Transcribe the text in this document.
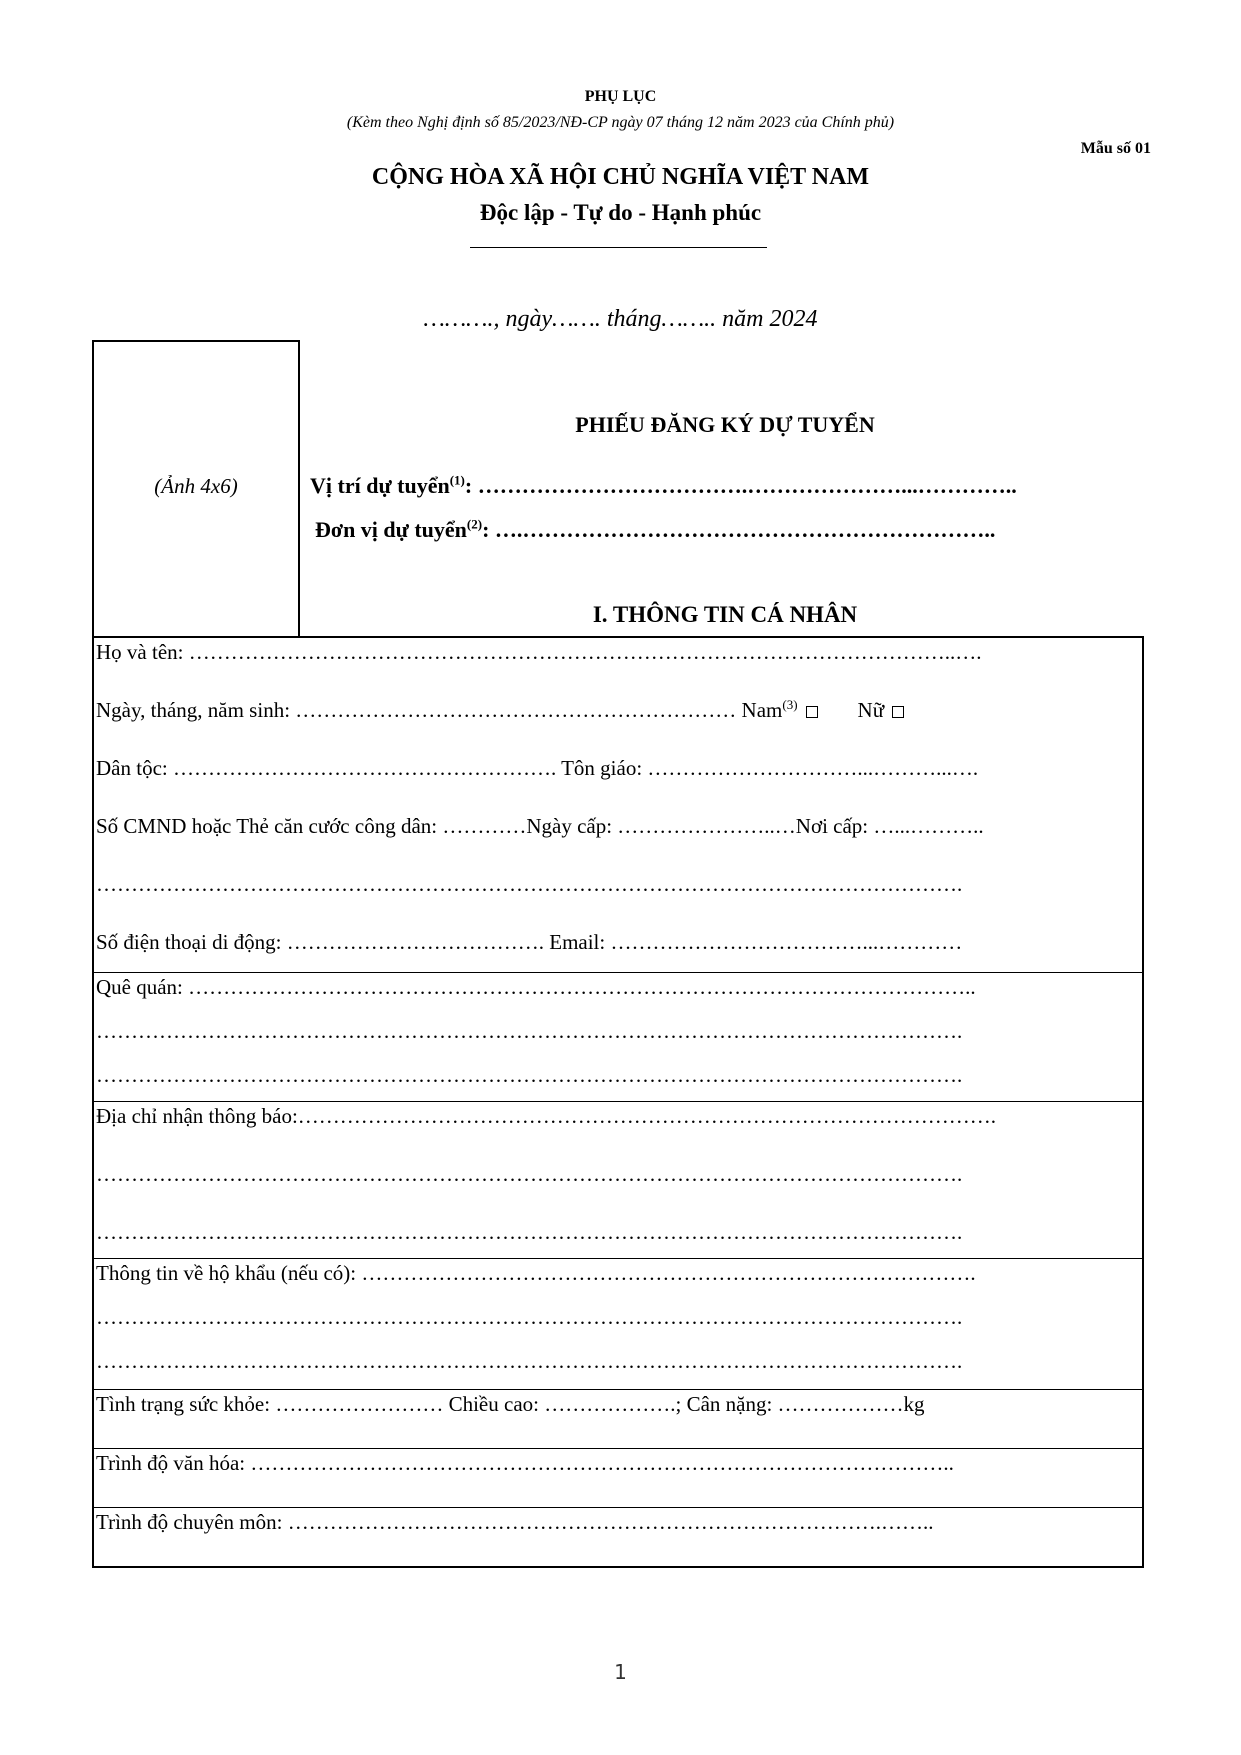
PHỤ LỤC
(Kèm theo Nghị định số 85/2023/NĐ-CP ngày 07 tháng 12 năm 2023 của Chính phủ)
Mẫu số 01
CỘNG HÒA XÃ HỘI CHỦ NGHĨA VIỆT NAM
Độc lập - Tự do - Hạnh phúc
………., ngày……. tháng…….. năm 2024
(Ảnh 4x6)
PHIẾU ĐĂNG KÝ DỰ TUYỂN
Vị trí dự tuyển$^{(1)}$: ……………………………….…………………...…………..
Đơn vị dự tuyển$^{(2)}$: ….………………………………………………………..
I. THÔNG TIN CÁ NHÂN
Họ và tên: ………………………………………………………………………………………………..….
Ngày, tháng, năm sinh: ……………………………………………………… Nam$^{(3)}$	Nữ
Dân tộc: ………………………………………………. Tôn giáo: …………………………...………...….
Số CMND hoặc Thẻ căn cước công dân: …………Ngày cấp: …………………..…Nơi cấp: …...………..
…………………………………………………………………………………………………………….
Số điện thoại di động: ………………………………. Email: ………………………………...…………
Quê quán: …………………………………………………………………………………………………..
…………………………………………………………………………………………………………….
…………………………………………………………………………………………………………….
Địa chỉ nhận thông báo:……………………………………………………………………………………….
…………………………………………………………………………………………………………….
…………………………………………………………………………………………………………….
Thông tin về hộ khẩu (nếu có): …………………………………………………………………………….
…………………………………………………………………………………………………………….
…………………………………………………………………………………………………………….
Tình trạng sức khỏe: …………………… Chiều cao: ……………….; Cân nặng: ………………kg
Trình độ văn hóa: ………………………………………………………………………………………..
Trình độ chuyên môn: ………………………………………………………………………….……..
1
